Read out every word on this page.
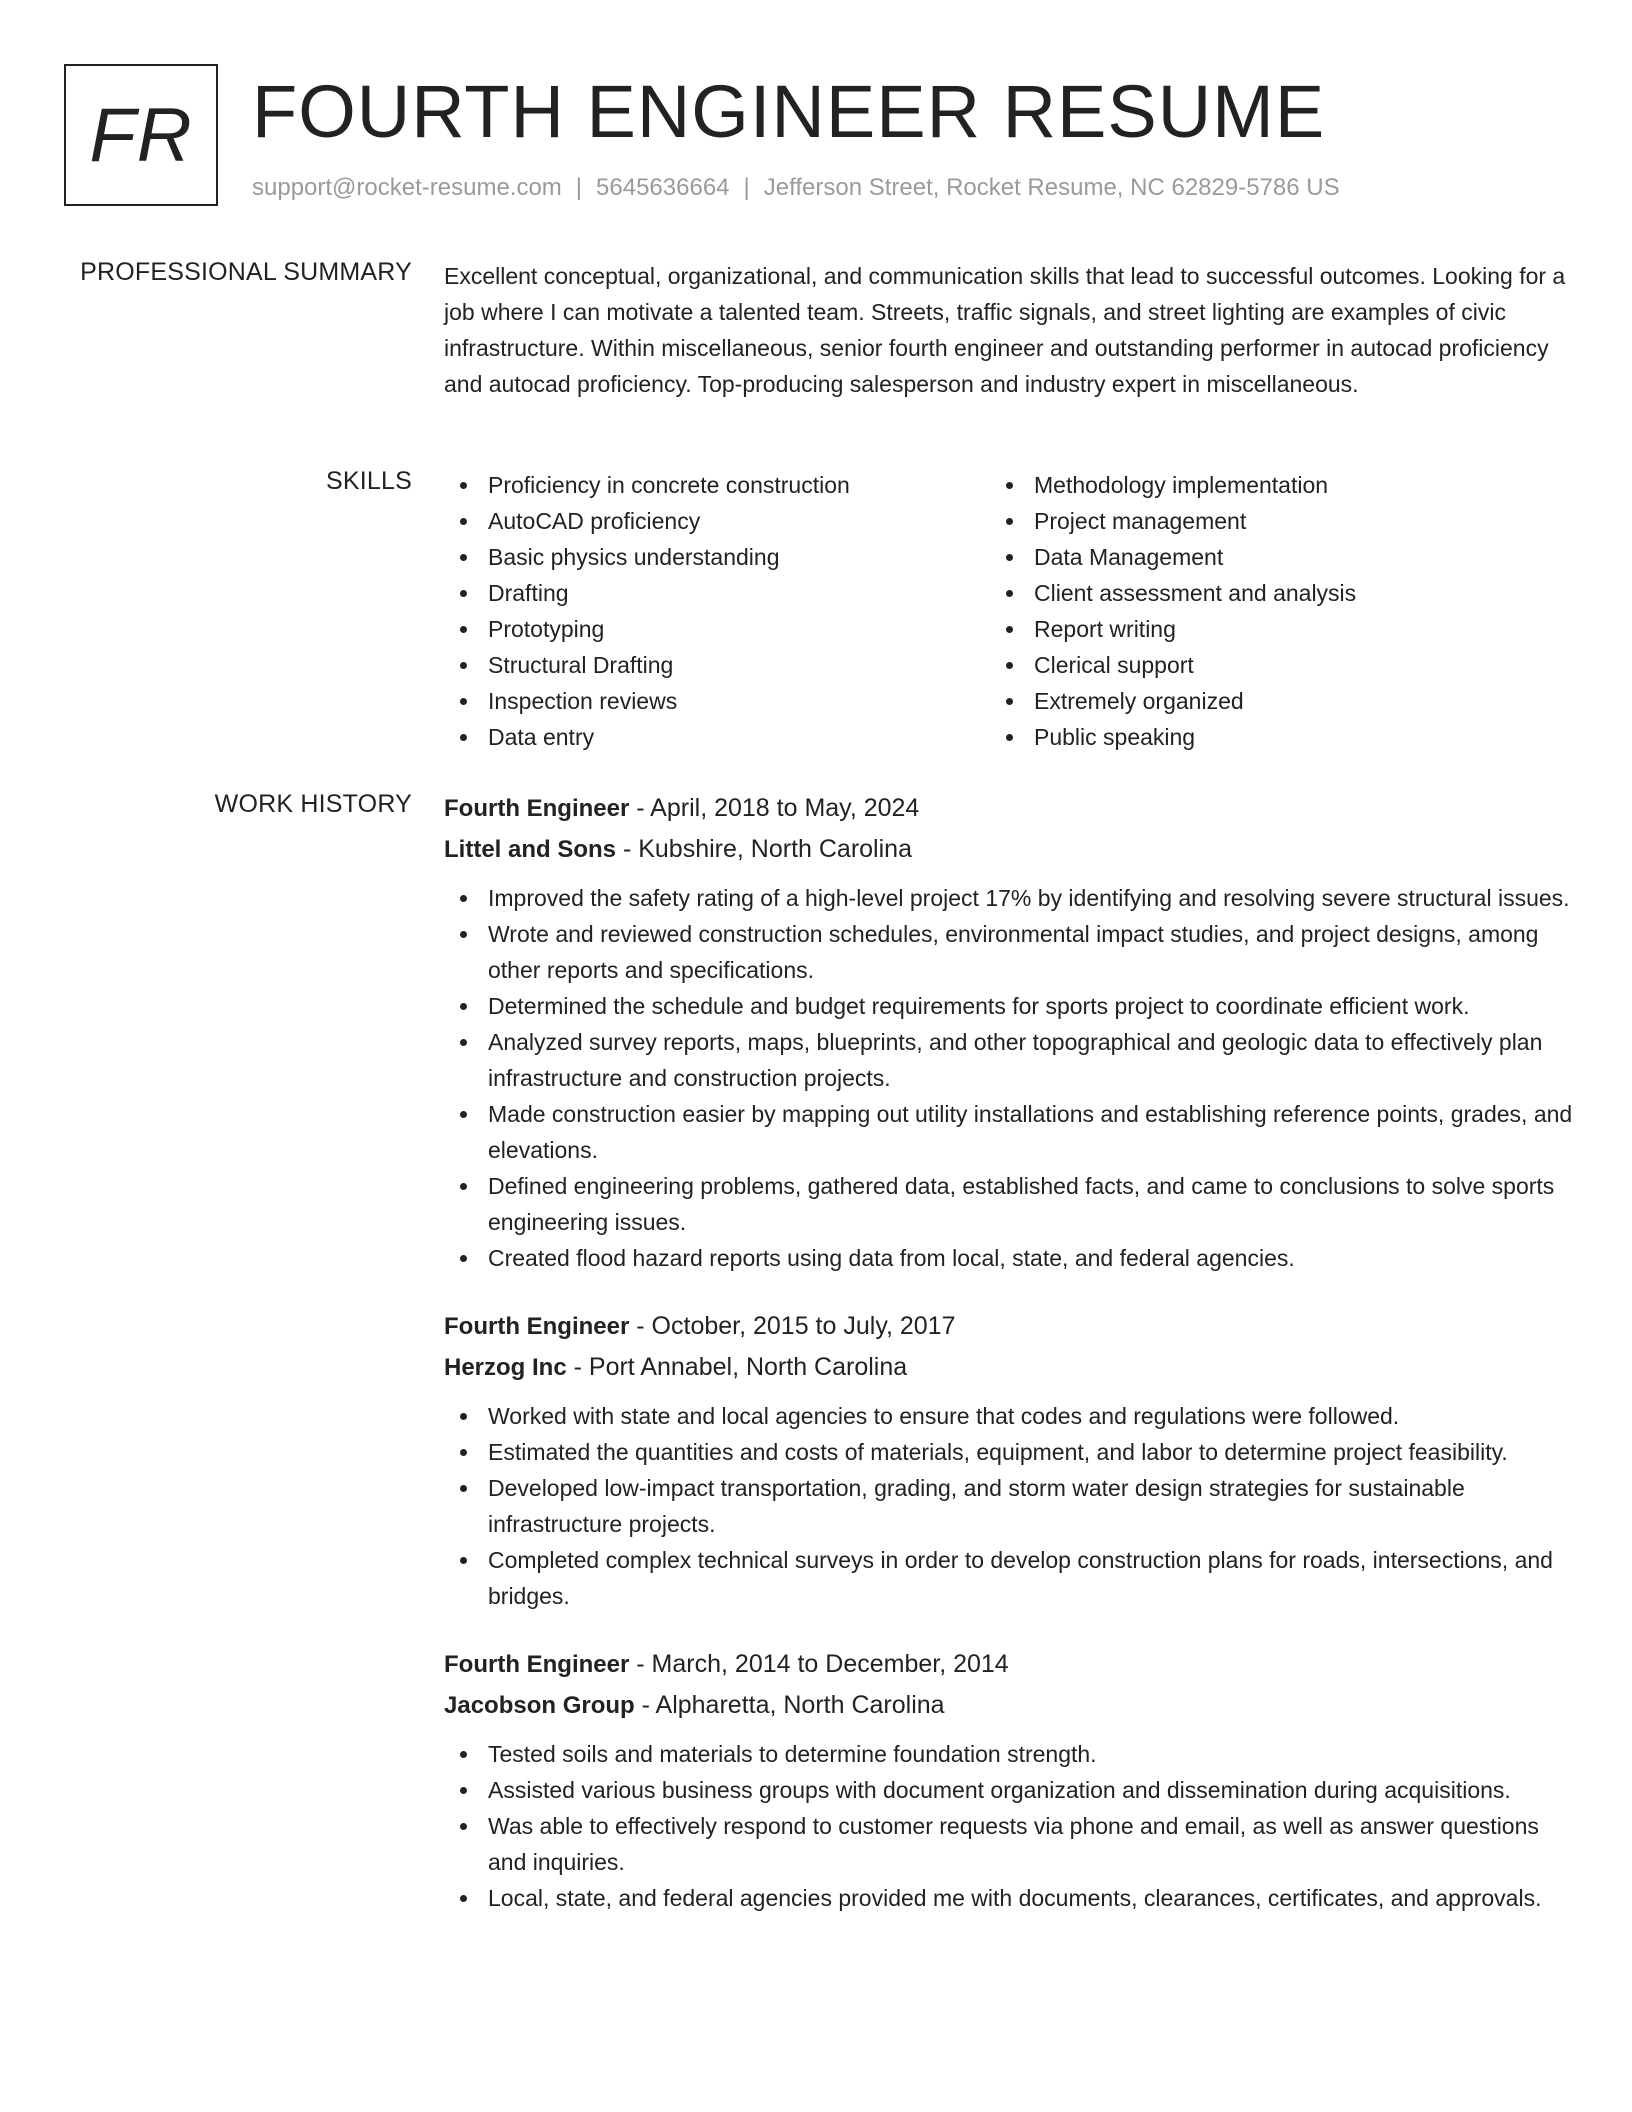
FR FOURTH ENGINEER RESUME
support@rocket-resume.com | 5645636664 | Jefferson Street, Rocket Resume, NC 62829-5786 US
PROFESSIONAL SUMMARY Excellent conceptual, organizational, and communication skills that lead to successful outcomes. Looking for a job where I can motivate a talented team. Streets, traffic signals, and street lighting are examples of civic infrastructure. Within miscellaneous, senior fourth engineer and outstanding performer in autocad proficiency and autocad proficiency. Top-producing salesperson and industry expert in miscellaneous.

SKILLS	Proficiency in concrete construction
AutoCAD proficiency
Basic physics understanding
Drafting
Prototyping
Structural Drafting
Inspection reviews
Data entry
Methodology implementation
Project management
Data Management
Client assessment and analysis
Report writing
Clerical support
Extremely organized
Public speaking
WORK HISTORY Fourth Engineer - April, 2018 to May, 2024
Littel and Sons - Kubshire, North Carolina
Improved the safety rating of a high-level project 17% by identifying and resolving severe structural issues.
Wrote and reviewed construction schedules, environmental impact studies, and project designs, among other reports and specifications.
Determined the schedule and budget requirements for sports project to coordinate efficient work.
Analyzed survey reports, maps, blueprints, and other topographical and geologic data to effectively plan infrastructure and construction projects.
Made construction easier by mapping out utility installations and establishing reference points, grades, and elevations.
Defined engineering problems, gathered data, established facts, and came to conclusions to solve sports engineering issues.
Created flood hazard reports using data from local, state, and federal agencies.
Fourth Engineer - October, 2015 to July, 2017
Herzog Inc - Port Annabel, North Carolina
Worked with state and local agencies to ensure that codes and regulations were followed.
Estimated the quantities and costs of materials, equipment, and labor to determine project feasibility.
Developed low-impact transportation, grading, and storm water design strategies for sustainable infrastructure projects.
Completed complex technical surveys in order to develop construction plans for roads, intersections, and bridges.
Fourth Engineer - March, 2014 to December, 2014
Jacobson Group - Alpharetta, North Carolina
Tested soils and materials to determine foundation strength.
Assisted various business groups with document organization and dissemination during acquisitions.
Was able to effectively respond to customer requests via phone and email, as well as answer questions and inquiries.
Local, state, and federal agencies provided me with documents, clearances, certificates, and approvals.
